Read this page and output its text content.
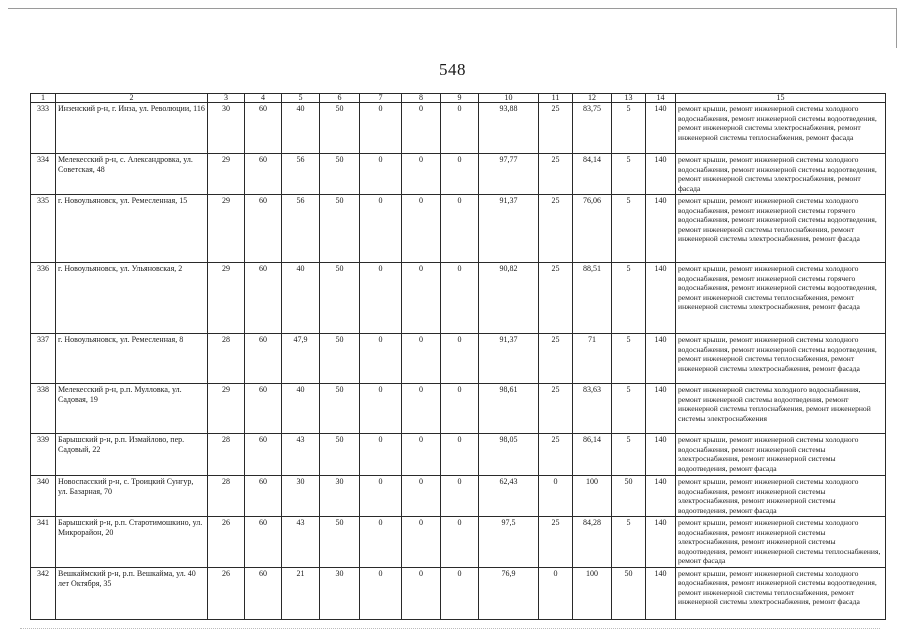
548
1	2	3	4	5	6	7	8	9	10	11	12	13	14	15
333	Инзенский р-н, г. Инза, ул. Революции, 116	30	60	40	50	0	0	0	93,88	25	83,75	5	140	ремонт крыши, ремонт инженерной системы холодного водоснабжения, ремонт инженерной системы водоотведения, ремонт инженерной системы электроснабжения, ремонт инженерной системы теплоснабжения, ремонт фасада
334	Мелекесский р-н, с. Александровка, ул. Советская, 48	29	60	56	50	0	0	0	97,77	25	84,14	5	140	ремонт крыши, ремонт инженерной системы холодного водоснабжения, ремонт инженерной системы водоотведения, ремонт инженерной системы электроснабжения, ремонт фасада
335	г. Новоульяновск, ул. Ремесленная, 15	29	60	56	50	0	0	0	91,37	25	76,06	5	140	ремонт крыши, ремонт инженерной системы холодного водоснабжения, ремонт инженерной системы горячего водоснабжения, ремонт инженерной системы водоотведения, ремонт инженерной системы теплоснабжения, ремонт инженерной системы электроснабжения, ремонт фасада
336	г. Новоульяновск, ул. Ульяновская, 2	29	60	40	50	0	0	0	90,82	25	88,51	5	140	ремонт крыши, ремонт инженерной системы холодного водоснабжения, ремонт инженерной системы горячего водоснабжения, ремонт инженерной системы водоотведения, ремонт инженерной системы теплоснабжения, ремонт инженерной системы электроснабжения, ремонт фасада
337	г. Новоульяновск, ул. Ремесленная, 8	28	60	47,9	50	0	0	0	91,37	25	71	5	140	ремонт крыши, ремонт инженерной системы холодного водоснабжения, ремонт инженерной системы водоотведения, ремонт инженерной системы теплоснабжения, ремонт инженерной системы электроснабжения, ремонт фасада
338	Мелекесский р-н, р.п. Мулловка, ул. Садовая, 19	29	60	40	50	0	0	0	98,61	25	83,63	5	140	ремонт инженерной системы холодного водоснабжения, ремонт инженерной системы водоотведения, ремонт инженерной системы теплоснабжения, ремонт инженерной системы электроснабжения
339	Барышский р-н, р.п. Измайлово, пер. Садовый, 22	28	60	43	50	0	0	0	98,05	25	86,14	5	140	ремонт крыши, ремонт инженерной системы холодного водоснабжения, ремонт инженерной системы электроснабжения, ремонт инженерной системы водоотведения, ремонт фасада
340	Новоспасский р-н, с. Троицкий Сунгур, ул. Базарная, 70	28	60	30	30	0	0	0	62,43	0	100	50	140	ремонт крыши, ремонт инженерной системы холодного водоснабжения, ремонт инженерной системы электроснабжения, ремонт инженерной системы водоотведения, ремонт фасада
341	Барышский р-н, р.п. Старотимошкино, ул. Микрорайон, 20	26	60	43	50	0	0	0	97,5	25	84,28	5	140	ремонт крыши, ремонт инженерной системы холодного водоснабжения, ремонт инженерной системы электроснабжения, ремонт инженерной системы водоотведения, ремонт инженерной системы теплоснабжения, ремонт фасада
342	Вешкаймский р-н, р.п. Вешкайма, ул. 40 лет Октября, 35	26	60	21	30	0	0	0	76,9	0	100	50	140	ремонт крыши, ремонт инженерной системы холодного водоснабжения, ремонт инженерной системы водоотведения, ремонт инженерной системы теплоснабжения, ремонт инженерной системы электроснабжения, ремонт фасада
